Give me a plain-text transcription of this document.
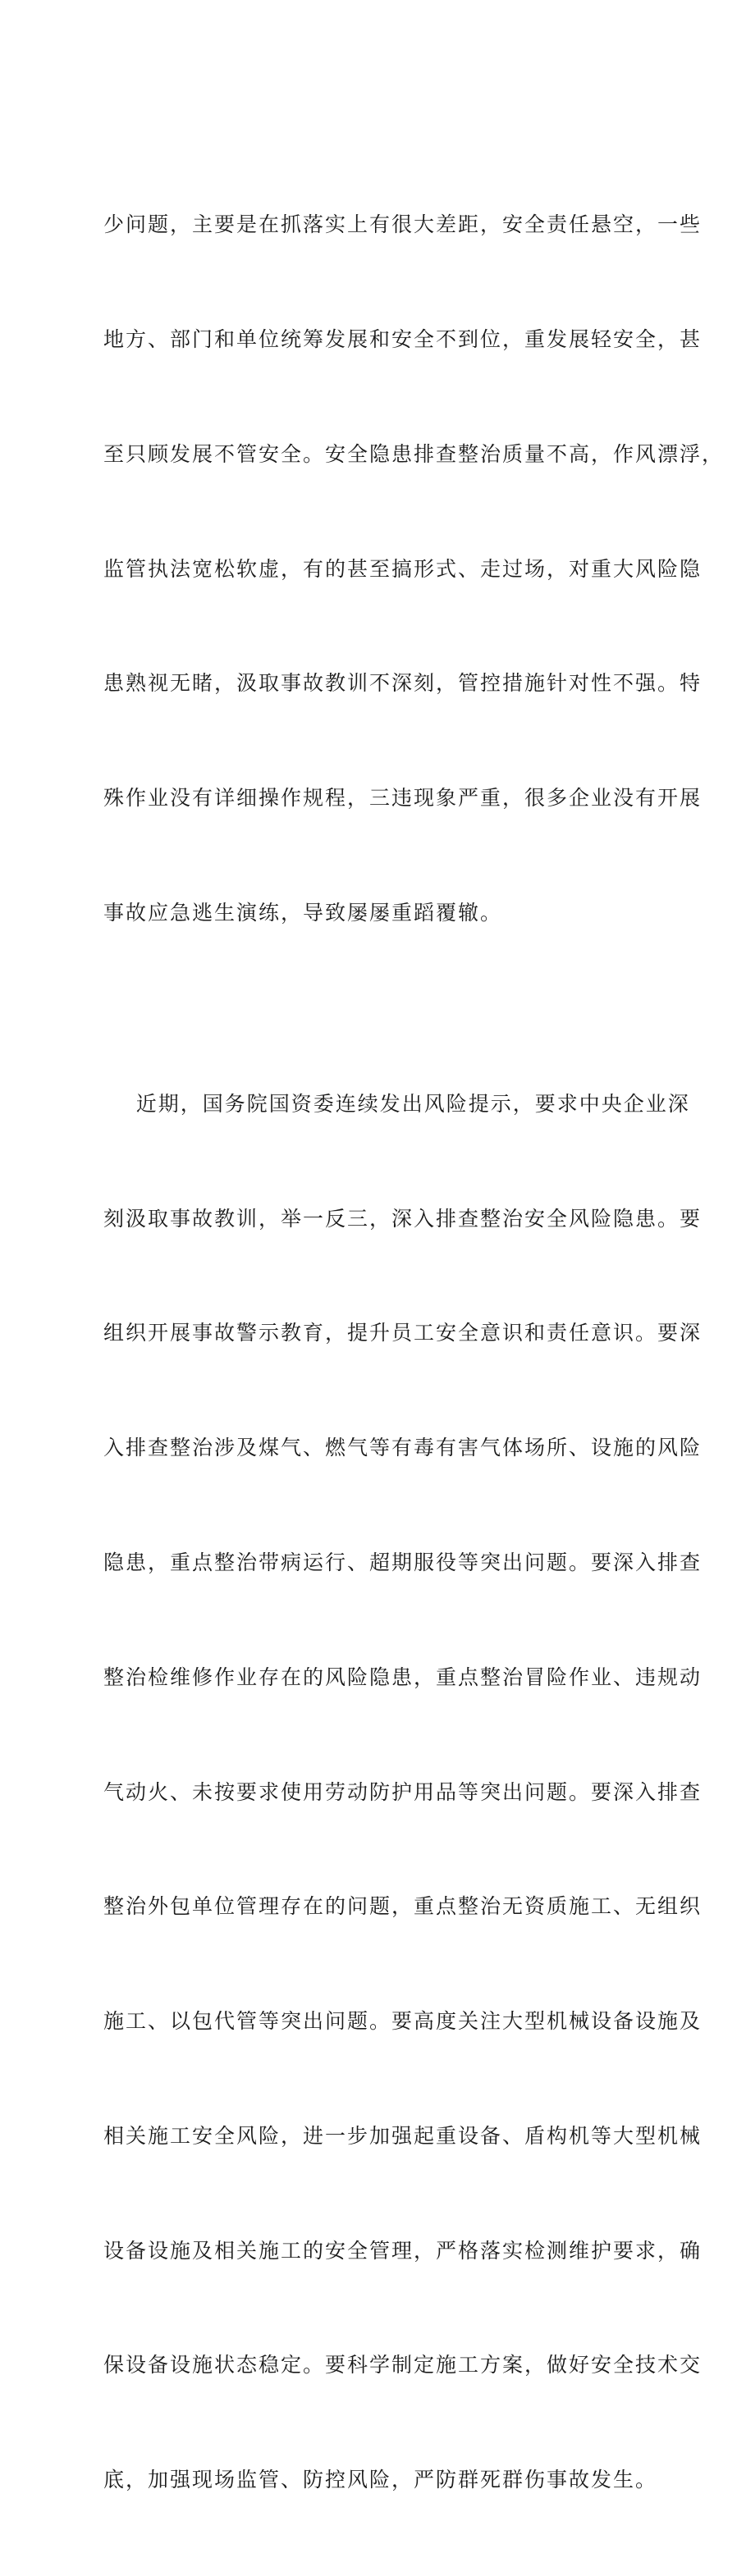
少问题，主要是在抓落实上有很大差距，安全责任悬空，一些

地方、部门和单位统筹发展和安全不到位，重发展轻安全，甚

至只顾发展不管安全。安全隐患排查整治质量不高，作风漂浮，

监管执法宽松软虚，有的甚至搞形式、走过场，对重大风险隐

患熟视无睹，汲取事故教训不深刻，管控措施针对性不强。特

殊作业没有详细操作规程，三违现象严重，很多企业没有开展

事故应急逃生演练，导致屡屡重蹈覆辙。

近期，国务院国资委连续发出风险提示，要求中央企业深

刻汲取事故教训，举一反三，深入排查整治安全风险隐患。要

组织开展事故警示教育，提升员工安全意识和责任意识。要深

入排查整治涉及煤气、燃气等有毒有害气体场所、设施的风险

隐患，重点整治带病运行、超期服役等突出问题。要深入排查

整治检维修作业存在的风险隐患，重点整治冒险作业、违规动

气动火、未按要求使用劳动防护用品等突出问题。要深入排查

整治外包单位管理存在的问题，重点整治无资质施工、无组织

施工、以包代管等突出问题。要高度关注大型机械设备设施及

相关施工安全风险，进一步加强起重设备、盾构机等大型机械

设备设施及相关施工的安全管理，严格落实检测维护要求，确

保设备设施状态稳定。要科学制定施工方案，做好安全技术交

底，加强现场监管、防控风险，严防群死群伤事故发生。
